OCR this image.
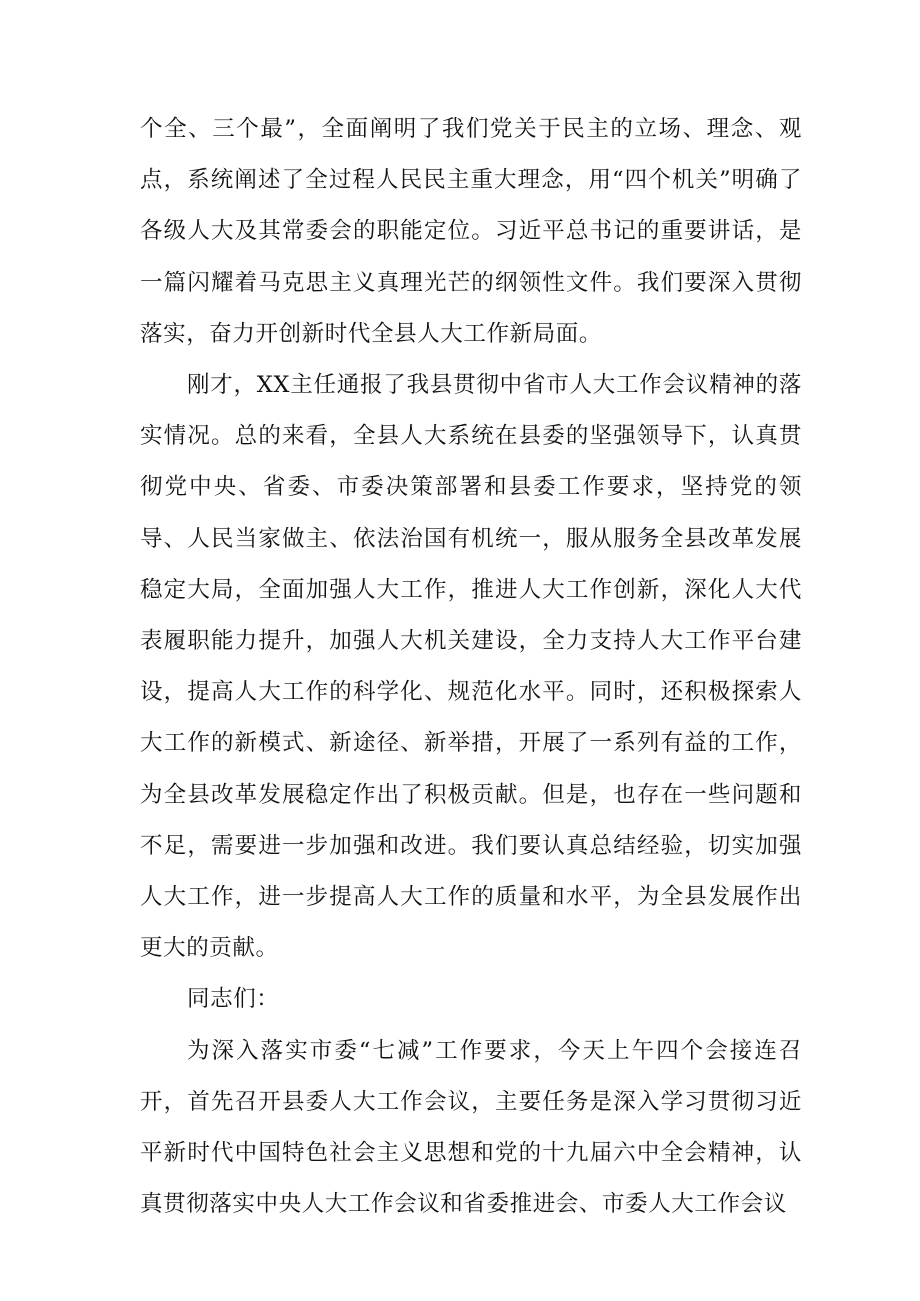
个全、三个最”，全面阐明了我们党关于民主的立场、理念、观点，系统阐述了全过程人民民主重大理念，用“四个机关”明确了各级人大及其常委会的职能定位。习近平总书记的重要讲话，是一篇闪耀着马克思主义真理光芒的纲领性文件。我们要深入贯彻落实，奋力开创新时代全县人大工作新局面。

刚才，XX主任通报了我县贯彻中省市人大工作会议精神的落实情况。总的来看，全县人大系统在县委的坚强领导下，认真贯彻党中央、省委、市委决策部署和县委工作要求，坚持党的领导、人民当家做主、依法治国有机统一，服从服务全县改革发展稳定大局，全面加强人大工作，推进人大工作创新，深化人大代表履职能力提升，加强人大机关建设，全力支持人大工作平台建设，提高人大工作的科学化、规范化水平。同时，还积极探索人大工作的新模式、新途径、新举措，开展了一系列有益的工作，为全县改革发展稳定作出了积极贡献。但是，也存在一些问题和不足，需要进一步加强和改进。我们要认真总结经验，切实加强人大工作，进一步提高人大工作的质量和水平，为全县发展作出更大的贡献。

同志们：

为深入落实市委“七减”工作要求，今天上午四个会接连召开，首先召开县委人大工作会议，主要任务是深入学习贯彻习近平新时代中国特色社会主义思想和党的十九届六中全会精神，认真贯彻落实中央人大工作会议和省委推进会、市委人大工作会议
